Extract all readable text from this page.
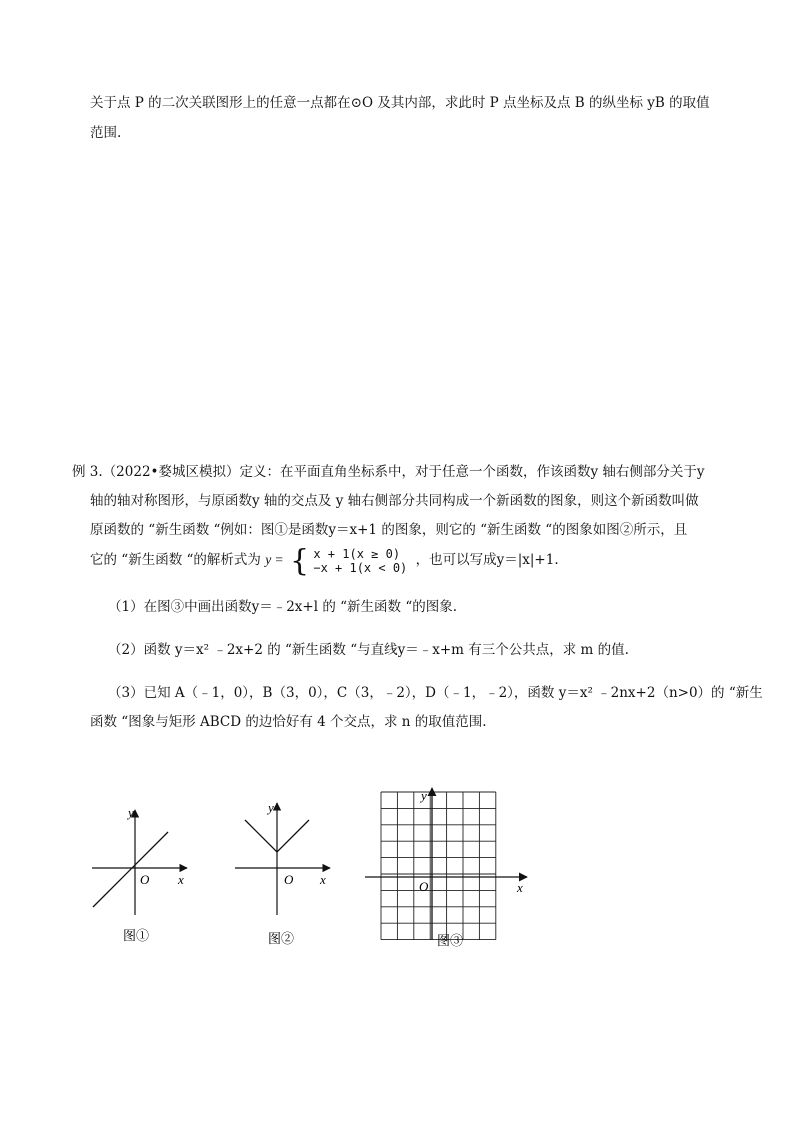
关于点 P 的二次关联图形上的任意一点都在⊙O 及其内部，求此时 P 点坐标及点 B 的纵坐标 yB 的取值
范围.
例 3.（2022•婺城区模拟）定义：在平面直角坐标系中，对于任意一个函数，作该函数y 轴右侧部分关于y
轴的轴对称图形，与原函数y 轴的交点及 y 轴右侧部分共同构成一个新函数的图象，则这个新函数叫做
原函数的 “新生函数 “例如：图①是函数y＝x+1 的图象，则它的 “新生函数 “的图象如图②所示，且
它的 “新生函数 “的解析式为 y = { x + 1(x ≥ 0)
−x + 1(x < 0) ，也可以写成y＝|x|+1.
（1）在图③中画出函数y＝﹣2x+l 的 “新生函数 “的图象.
（2）函数 y＝x² ﹣2x+2 的 “新生函数 “与直线y＝﹣x+m 有三个公共点，求 m 的值.
（3）已知 A（﹣1，0），B（3，0），C（3，﹣2），D（﹣1，﹣2），函数 y＝x² ﹣2nx+2（n>0）的 “新生
函数 “图象与矩形 ABCD 的边恰好有 4 个交点，求 n 的取值范围.
y
x
O
图①
y
x
O
图②
y
x
O
图③
